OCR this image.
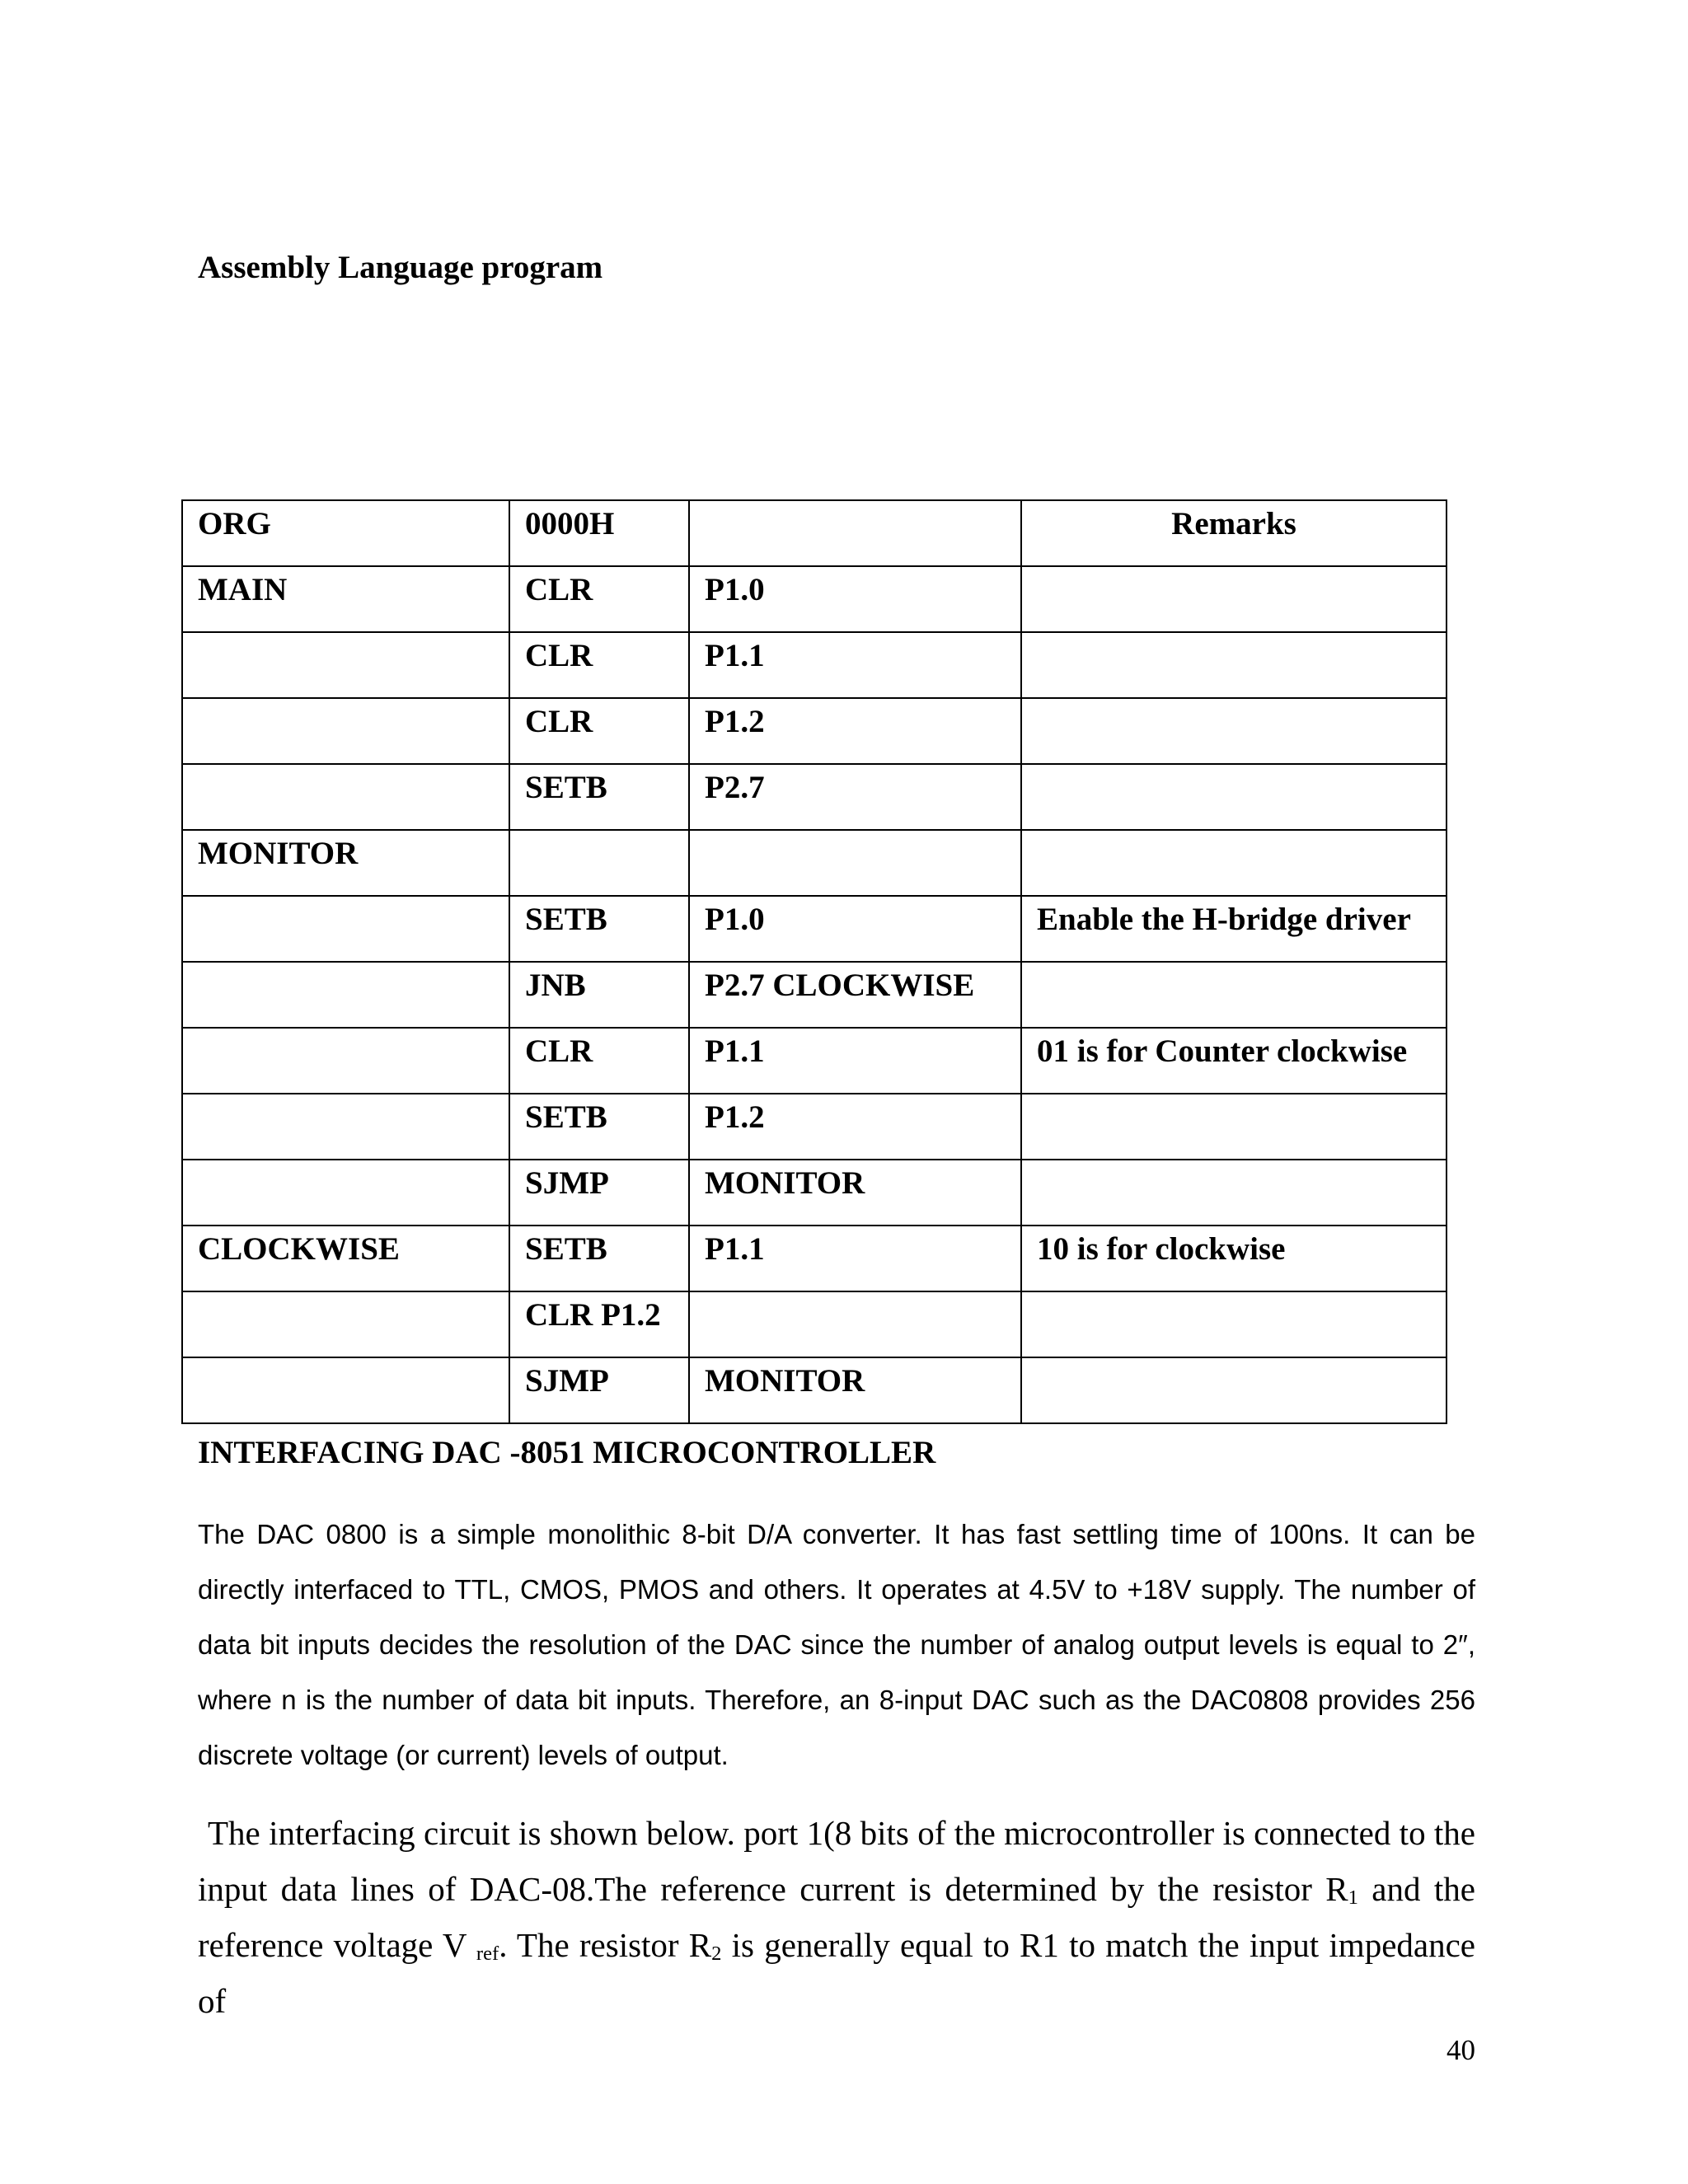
Assembly Language program
ORG	0000H		Remarks
MAIN	CLR	P1.0	
	CLR	P1.1	
	CLR	P1.2	
	SETB	P2.7	
MONITOR			
	SETB	P1.0	Enable the H-bridge driver
	JNB	P2.7 CLOCKWISE	
	CLR	P1.1	01 is for Counter clockwise
	SETB	P1.2	
	SJMP	MONITOR	
CLOCKWISE	SETB	P1.1	10 is for clockwise
	CLR P1.2		
	SJMP	MONITOR	
INTERFACING DAC -8051 MICROCONTROLLER

The DAC 0800 is a simple monolithic 8-bit D/A converter. It has fast settling time of 100ns. It can be directly interfaced to TTL, CMOS, PMOS and others. It operates at 4.5V to +18V supply. The number of data bit inputs decides the resolution of the DAC since the number of analog output levels is equal to 2″, where n is the number of data bit inputs. Therefore, an 8-input DAC such as the DAC0808 provides 256 discrete voltage (or current) levels of output.

The interfacing circuit is shown below. port 1(8 bits of the microcontroller is connected to the input data lines of DAC-08.The reference current is determined by the resistor $R_1$ and the reference voltage V $_{ref}$. The resistor $R_2$ is generally equal to R1 to match the input impedance of

40
